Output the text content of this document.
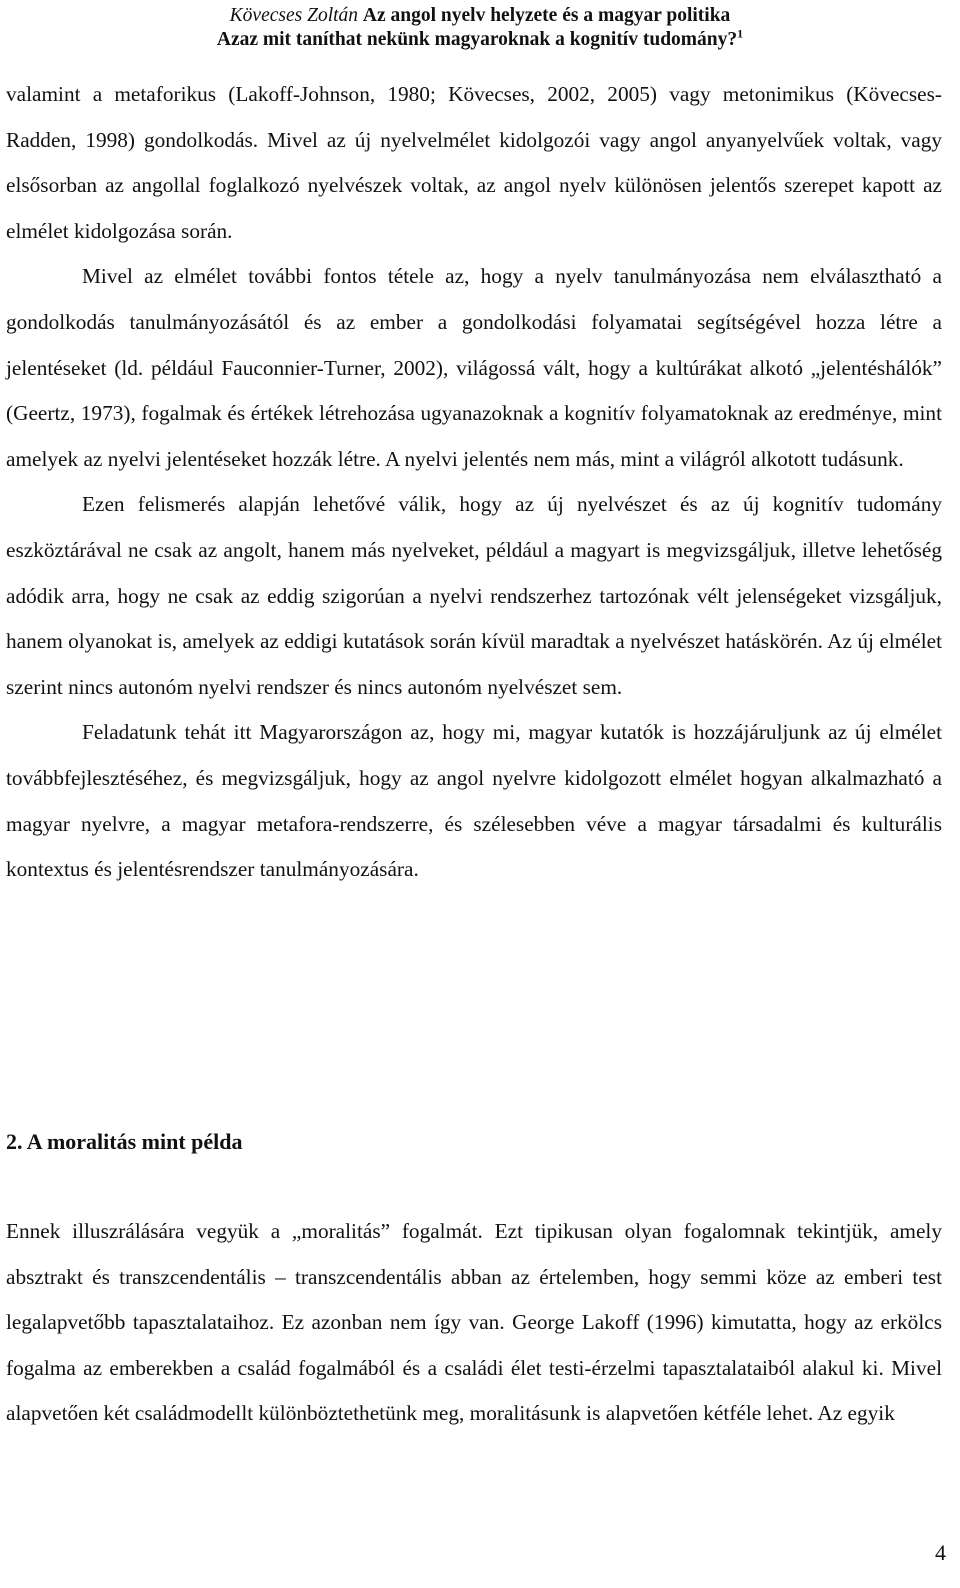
Kövecses Zoltán Az angol nyelv helyzete és a magyar politika
Azaz mit taníthat nekünk magyaroknak a kognitív tudomány?$^1$

valamint a metaforikus (Lakoff-Johnson, 1980; Kövecses, 2002, 2005) vagy metonimikus (Kövecses-Radden, 1998) gondolkodás. Mivel az új nyelvelmélet kidolgozói vagy angol anyanyelvűek voltak, vagy elsősorban az angollal foglalkozó nyelvészek voltak, az angol nyelv különösen jelentős szerepet kapott az elmélet kidolgozása során.

Mivel az elmélet további fontos tétele az, hogy a nyelv tanulmányozása nem elválasztható a gondolkodás tanulmányozásától és az ember a gondolkodási folyamatai segítségével hozza létre a jelentéseket (ld. például Fauconnier-Turner, 2002), világossá vált, hogy a kultúrákat alkotó „jelentéshálók” (Geertz, 1973), fogalmak és értékek létrehozása ugyanazoknak a kognitív folyamatoknak az eredménye, mint amelyek az nyelvi jelentéseket hozzák létre. A nyelvi jelentés nem más, mint a világról alkotott tudásunk.

Ezen felismerés alapján lehetővé válik, hogy az új nyelvészet és az új kognitív tudomány eszköztárával ne csak az angolt, hanem más nyelveket, például a magyart is megvizsgáljuk, illetve lehetőség adódik arra, hogy ne csak az eddig szigorúan a nyelvi rendszerhez tartozónak vélt jelenségeket vizsgáljuk, hanem olyanokat is, amelyek az eddigi kutatások során kívül maradtak a nyelvészet hatáskörén. Az új elmélet szerint nincs autonóm nyelvi rendszer és nincs autonóm nyelvészet sem.

Feladatunk tehát itt Magyarországon az, hogy mi, magyar kutatók is hozzájáruljunk az új elmélet továbbfejlesztéséhez, és megvizsgáljuk, hogy az angol nyelvre kidolgozott elmélet hogyan alkalmazható a magyar nyelvre, a magyar metafora-rendszerre, és szélesebben véve a magyar társadalmi és kulturális kontextus és jelentésrendszer tanulmányozására.

2. A moralitás mint példa

Ennek illuszrálására vegyük a „moralitás” fogalmát. Ezt tipikusan olyan fogalomnak tekintjük, amely absztrakt és transzcendentális – transzcendentális abban az értelemben, hogy semmi köze az emberi test legalapvetőbb tapasztalataihoz. Ez azonban nem így van. George Lakoff (1996) kimutatta, hogy az erkölcs fogalma az emberekben a család fogalmából és a családi élet testi-érzelmi tapasztalataiból alakul ki. Mivel alapvetően két családmodellt különböztethetünk meg, moralitásunk is alapvetően kétféle lehet. Az egyik

4
